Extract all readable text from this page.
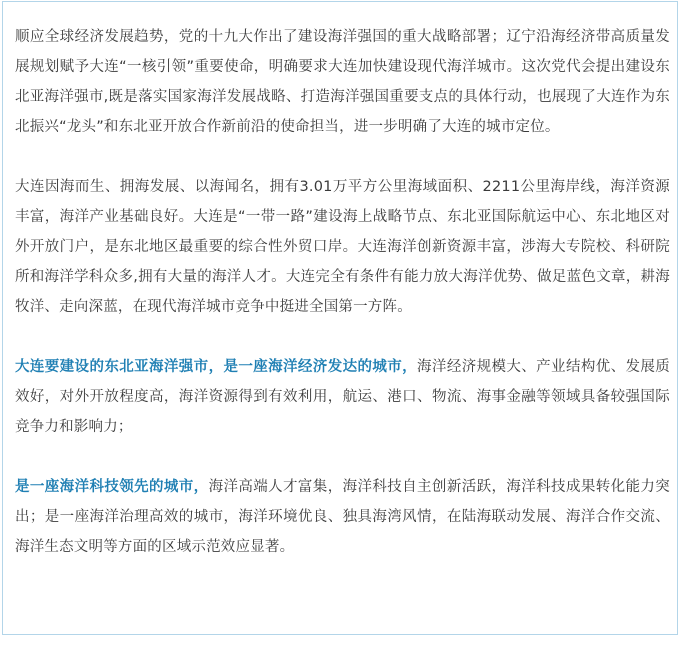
顺应全球经济发展趋势，党的十九大作出了建设海洋强国的重大战略部署；辽宁沿海经济带高质量发展规划赋予大连“一核引领”重要使命，明确要求大连加快建设现代海洋城市。这次党代会提出建设东北亚海洋强市,既是落实国家海洋发展战略、打造海洋强国重要支点的具体行动，也展现了大连作为东北振兴“龙头”和东北亚开放合作新前沿的使命担当，进一步明确了大连的城市定位。

大连因海而生、拥海发展、以海闻名，拥有3.01万平方公里海域面积、2211公里海岸线，海洋资源丰富，海洋产业基础良好。大连是“一带一路”建设海上战略节点、东北亚国际航运中心、东北地区对外开放门户，是东北地区最重要的综合性外贸口岸。大连海洋创新资源丰富，涉海大专院校、科研院所和海洋学科众多,拥有大量的海洋人才。大连完全有条件有能力放大海洋优势、做足蓝色文章，耕海牧洋、走向深蓝，在现代海洋城市竞争中挺进全国第一方阵。

大连要建设的东北亚海洋强市，是一座海洋经济发达的城市，海洋经济规模大、产业结构优、发展质效好，对外开放程度高，海洋资源得到有效利用，航运、港口、物流、海事金融等领域具备较强国际竞争力和影响力；

是一座海洋科技领先的城市，海洋高端人才富集，海洋科技自主创新活跃，海洋科技成果转化能力突出；是一座海洋治理高效的城市，海洋环境优良、独具海湾风情，在陆海联动发展、海洋合作交流、海洋生态文明等方面的区域示范效应显著。
